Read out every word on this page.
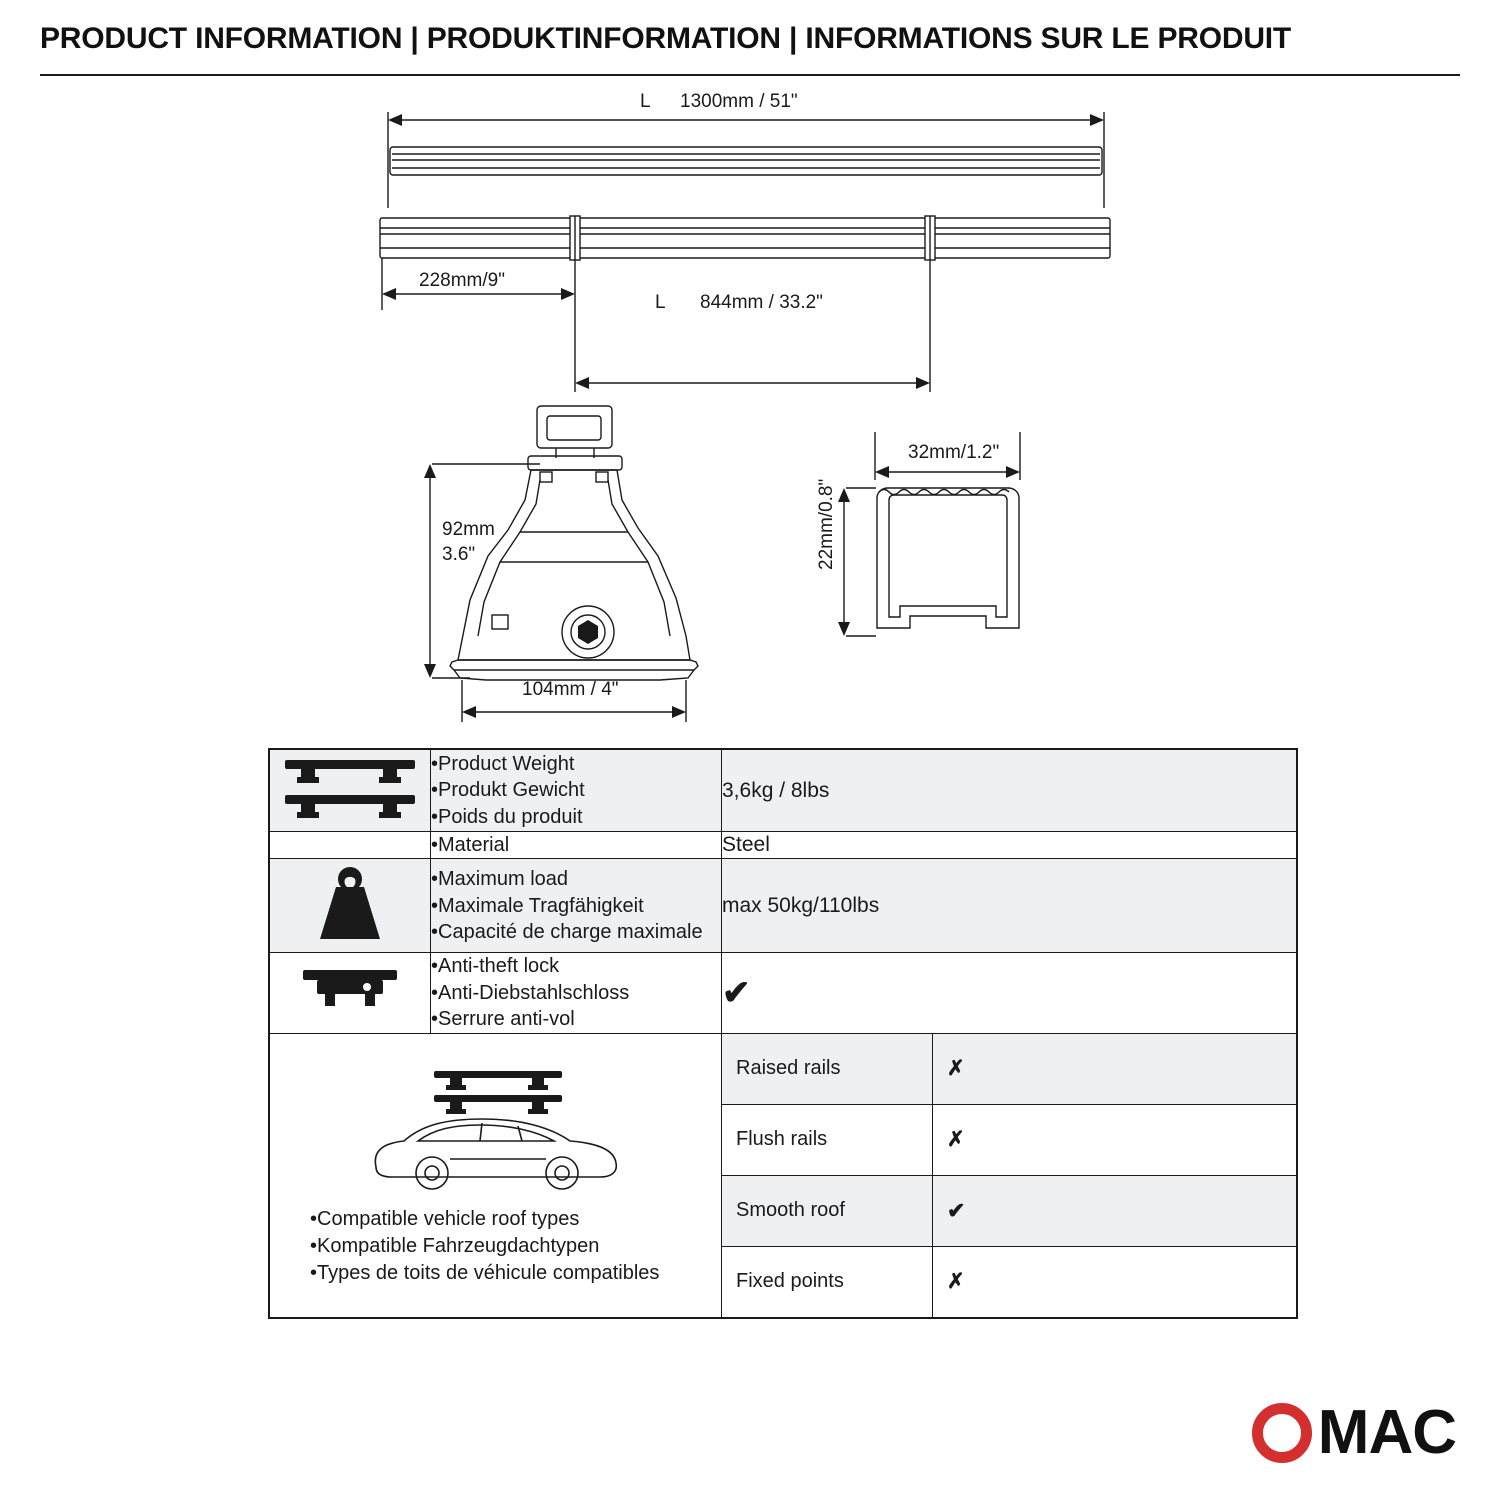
PRODUCT INFORMATION | PRODUKTINFORMATION | INFORMATIONS SUR LE PRODUIT
L 1300mm / 51"
228mm/9"
L 844mm / 33.2"
92mm
3.6"
104mm / 4"
32mm/1.2"
22mm/0.8"

•Product Weight
•Produkt Gewicht
•Poids du produit
	3,6kg / 8lbs

•Material	Steel

•Maximum load
•Maximale Tragfähigkeit
•Capacité de charge maximale
	max 50kg/110lbs

•Anti-theft lock
•Anti-Diebstahlschloss
•Serrure anti-vol
	✔

•Compatible vehicle roof types
•Kompatible Fahrzeugdachtypen
•Types de toits de véhicule compatibles

Raised rails	✗
Flush rails	✗
Smooth roof	✔
Fixed points	✗
MAC
